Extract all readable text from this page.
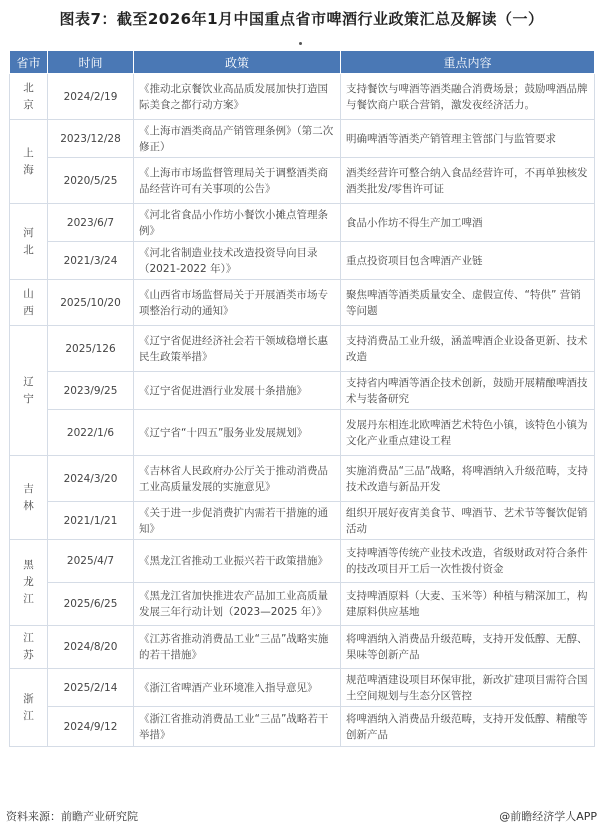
图表7：截至2026年1月中国重点省市啤酒行业政策汇总及解读（一）
省市	时间	政策	重点内容
北京	2024/2/19	《推动北京餐饮业高品质发展加快打造国际美食之都行动方案》	支持餐饮与啤酒等酒类融合消费场景；鼓励啤酒品牌与餐饮商户联合营销，激发夜经济活力。
上海	2023/12/28	《上海市酒类商品产销管理条例》（第二次修正）	明确啤酒等酒类产销管理主管部门与监管要求
	2020/5/25	《上海市市场监督管理局关于调整酒类商品经营许可有关事项的公告》	酒类经营许可整合纳入食品经营许可，不再单独核发酒类批发/零售许可证
河北	2023/6/7	《河北省食品小作坊小餐饮小摊点管理条例》	食品小作坊不得生产加工啤酒
	2021/3/24	《河北省制造业技术改造投资导向目录（2021-2022 年）》	重点投资项目包含啤酒产业链
山西	2025/10/20	《山西省市场监督局关于开展酒类市场专项整治行动的通知》	聚焦啤酒等酒类质量安全、虚假宣传、“特供” 营销等问题
辽宁	2025/126	《辽宁省促进经济社会若干领域稳增长惠民生政策举措》	支持消费品工业升级，涵盖啤酒企业设备更新、技术改造
	2023/9/25	《辽宁省促进酒行业发展十条措施》	支持省内啤酒等酒企技术创新，鼓励开展精酿啤酒技术与装备研究
	2022/1/6	《辽宁省“十四五”服务业发展规划》	发展丹东相连北欧啤酒艺术特色小镇，该特色小镇为文化产业重点建设工程
吉林	2024/3/20	《吉林省人民政府办公厅关于推动消费品工业高质量发展的实施意见》	实施消费品“三品”战略，将啤酒纳入升级范畴，支持技术改造与新品开发
	2021/1/21	《关于进一步促消费扩内需若干措施的通知》	组织开展好夜宵美食节、啤酒节、艺术节等餐饮促销活动
黑龙江	2025/4/7	《黑龙江省推动工业振兴若干政策措施》	支持啤酒等传统产业技术改造，省级财政对符合条件的技改项目开工后一次性拨付资金
	2025/6/25	《黑龙江省加快推进农产品加工业高质量发展三年行动计划（2023—2025 年）》	支持啤酒原料（大麦、玉米等）种植与精深加工，构建原料供应基地
江苏	2024/8/20	《江苏省推动消费品工业“三品”战略实施的若干措施》	将啤酒纳入消费品升级范畴，支持开发低醇、无醇、果味等创新产品
浙江	2025/2/14	《浙江省啤酒产业环境准入指导意见》	规范啤酒建设项目环保审批，新改扩建项目需符合国土空间规划与生态分区管控
	2024/9/12	《浙江省推动消费品工业“三品”战略若干举措》	将啤酒纳入消费品升级范畴，支持开发低醇、精酿等创新产品
资料来源：前瞻产业研究院	@前瞻经济学人APP
